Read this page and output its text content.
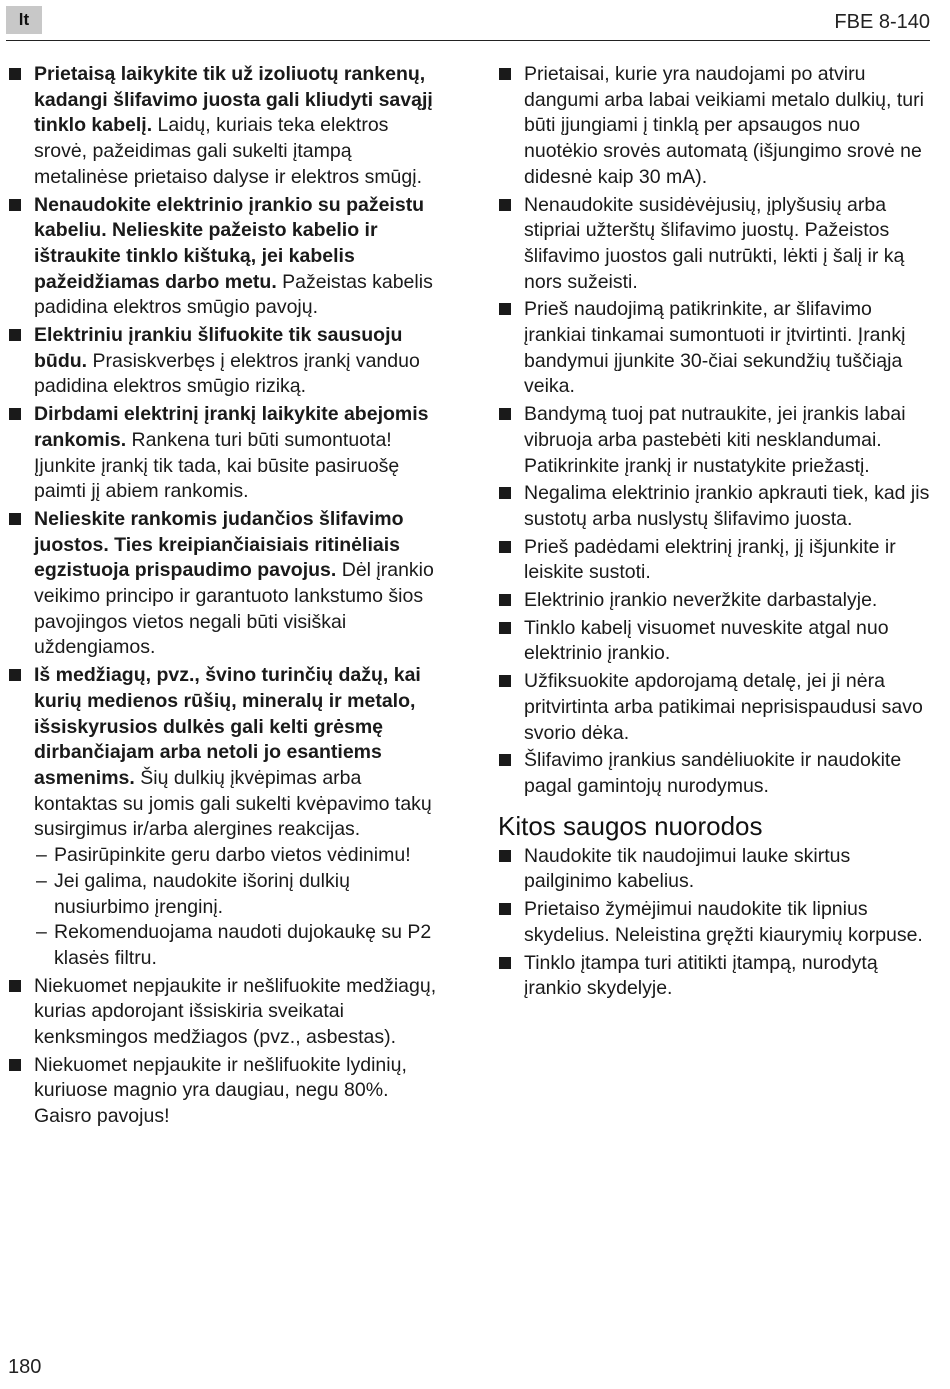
lt	FBE 8-140
Prietaisą laikykite tik už izoliuotų rankenų, kadangi šlifavimo juosta gali kliudyti savąjį tinklo kabelį. Laidų, kuriais teka elektros srovė, pažeidimas gali sukelti įtampą metalinėse prietaiso dalyse ir elektros smūgį.
Nenaudokite elektrinio įrankio su pažeistu kabeliu. Nelieskite pažeisto kabelio ir ištraukite tinklo kištuką, jei kabelis pažeidžiamas darbo metu. Pažeistas kabelis padidina elektros smūgio pavojų.
Elektriniu įrankiu šlifuokite tik sausuoju būdu. Prasiskverbęs į elektros įrankį vanduo padidina elektros smūgio riziką.
Dirbdami elektrinį įrankį laikykite abejomis rankomis. Rankena turi būti sumontuota! Įjunkite įrankį tik tada, kai būsite pasiruošę paimti jį abiem rankomis.
Nelieskite rankomis judančios šlifavimo juostos. Ties kreipiančiaisiais ritinėliais egzistuoja prispaudimo pavojus. Dėl įrankio veikimo principo ir garantuoto lankstumo šios pavojingos vietos negali būti visiškai uždengiamos.
Iš medžiagų, pvz., švino turinčių dažų, kai kurių medienos rūšių, mineralų ir metalo, išsiskyrusios dulkės gali kelti grėsmę dirbančiajam arba netoli jo esantiems asmenims. Šių dulkių įkvėpimas arba kontaktas su jomis gali sukelti kvėpavimo takų susirgimus ir/arba alergines reakcijas.
– Pasirūpinkite geru darbo vietos vėdinimu!
– Jei galima, naudokite išorinį dulkių nusiurbimo įrenginį.
– Rekomenduojama naudoti dujokaukę su P2 klasės filtru.
Niekuomet nepjaukite ir nešlifuokite medžiagų, kurias apdorojant išsiskiria sveikatai kenksmingos medžiagos (pvz., asbestas).
Niekuomet nepjaukite ir nešlifuokite lydinių, kuriuose magnio yra daugiau, negu 80%. Gaisro pavojus!
Prietaisai, kurie yra naudojami po atviru dangumi arba labai veikiami metalo dulkių, turi būti įjungiami į tinklą per apsaugos nuo nuotėkio srovės automatą (išjungimo srovė ne didesnė kaip 30 mA).
Nenaudokite susidėvėjusių, įplyšusių arba stipriai užterštų šlifavimo juostų. Pažeistos šlifavimo juostos gali nutrūkti, lėkti į šalį ir ką nors sužeisti.
Prieš naudojimą patikrinkite, ar šlifavimo įrankiai tinkamai sumontuoti ir įtvirtinti. Įrankį bandymui įjunkite 30-čiai sekundžių tuščiąja veika.
Bandymą tuoj pat nutraukite, jei įrankis labai vibruoja arba pastebėti kiti nesklandumai. Patikrinkite įrankį ir nustatykite priežastį.
Negalima elektrinio įrankio apkrauti tiek, kad jis sustotų arba nuslystų šlifavimo juosta.
Prieš padėdami elektrinį įrankį, jį išjunkite ir leiskite sustoti.
Elektrinio įrankio neveržkite darbastalyje.
Tinklo kabelį visuomet nuveskite atgal nuo elektrinio įrankio.
Užfiksuokite apdorojamą detalę, jei ji nėra pritvirtinta arba patikimai neprisispaudusi savo svorio dėka.
Šlifavimo įrankius sandėliuokite ir naudokite pagal gamintojų nurodymus.
Kitos saugos nuorodos
Naudokite tik naudojimui lauke skirtus pailginimo kabelius.
Prietaiso žymėjimui naudokite tik lipnius skydelius. Neleistina gręžti kiaurymių korpuse.
Tinklo įtampa turi atitikti įtampą, nurodytą įrankio skydelyje.
180
